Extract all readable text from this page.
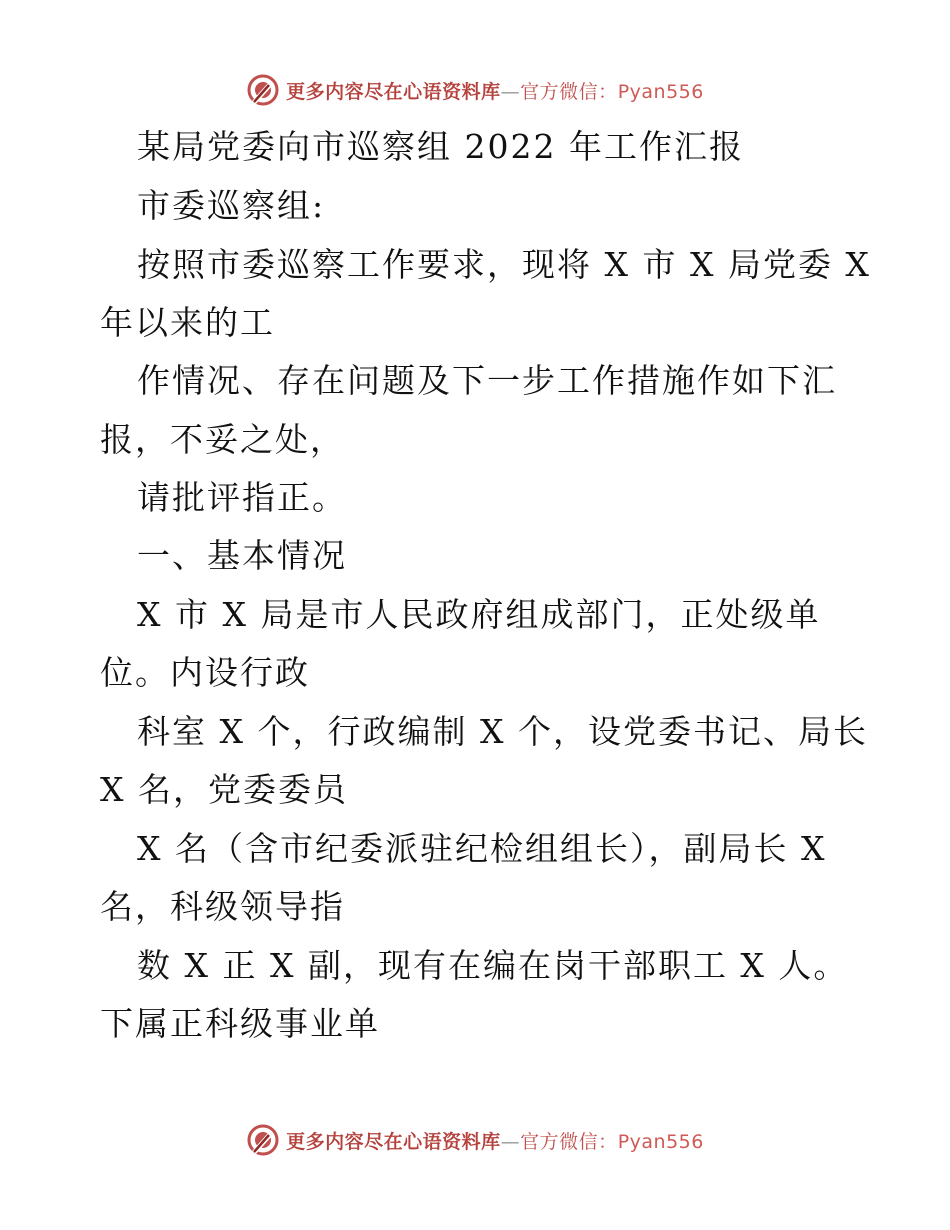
更多内容尽在心语资料库—官方微信：Pyan556
某局党委向市巡察组 2022 年工作汇报
市委巡察组:
按照市委巡察工作要求，现将 X 市 X 局党委 X
年以来的工
作情况、存在问题及下一步工作措施作如下汇
报，不妥之处，
请批评指正。
一、基本情况
X 市 X 局是市人民政府组成部门，正处级单
位。内设行政
科室 X 个，行政编制 X 个，设党委书记、局长
X 名，党委委员
X 名（含市纪委派驻纪检组组长），副局长 X
名，科级领导指
数 X 正 X 副，现有在编在岗干部职工 X 人。
下属正科级事业单
更多内容尽在心语资料库—官方微信：Pyan556
